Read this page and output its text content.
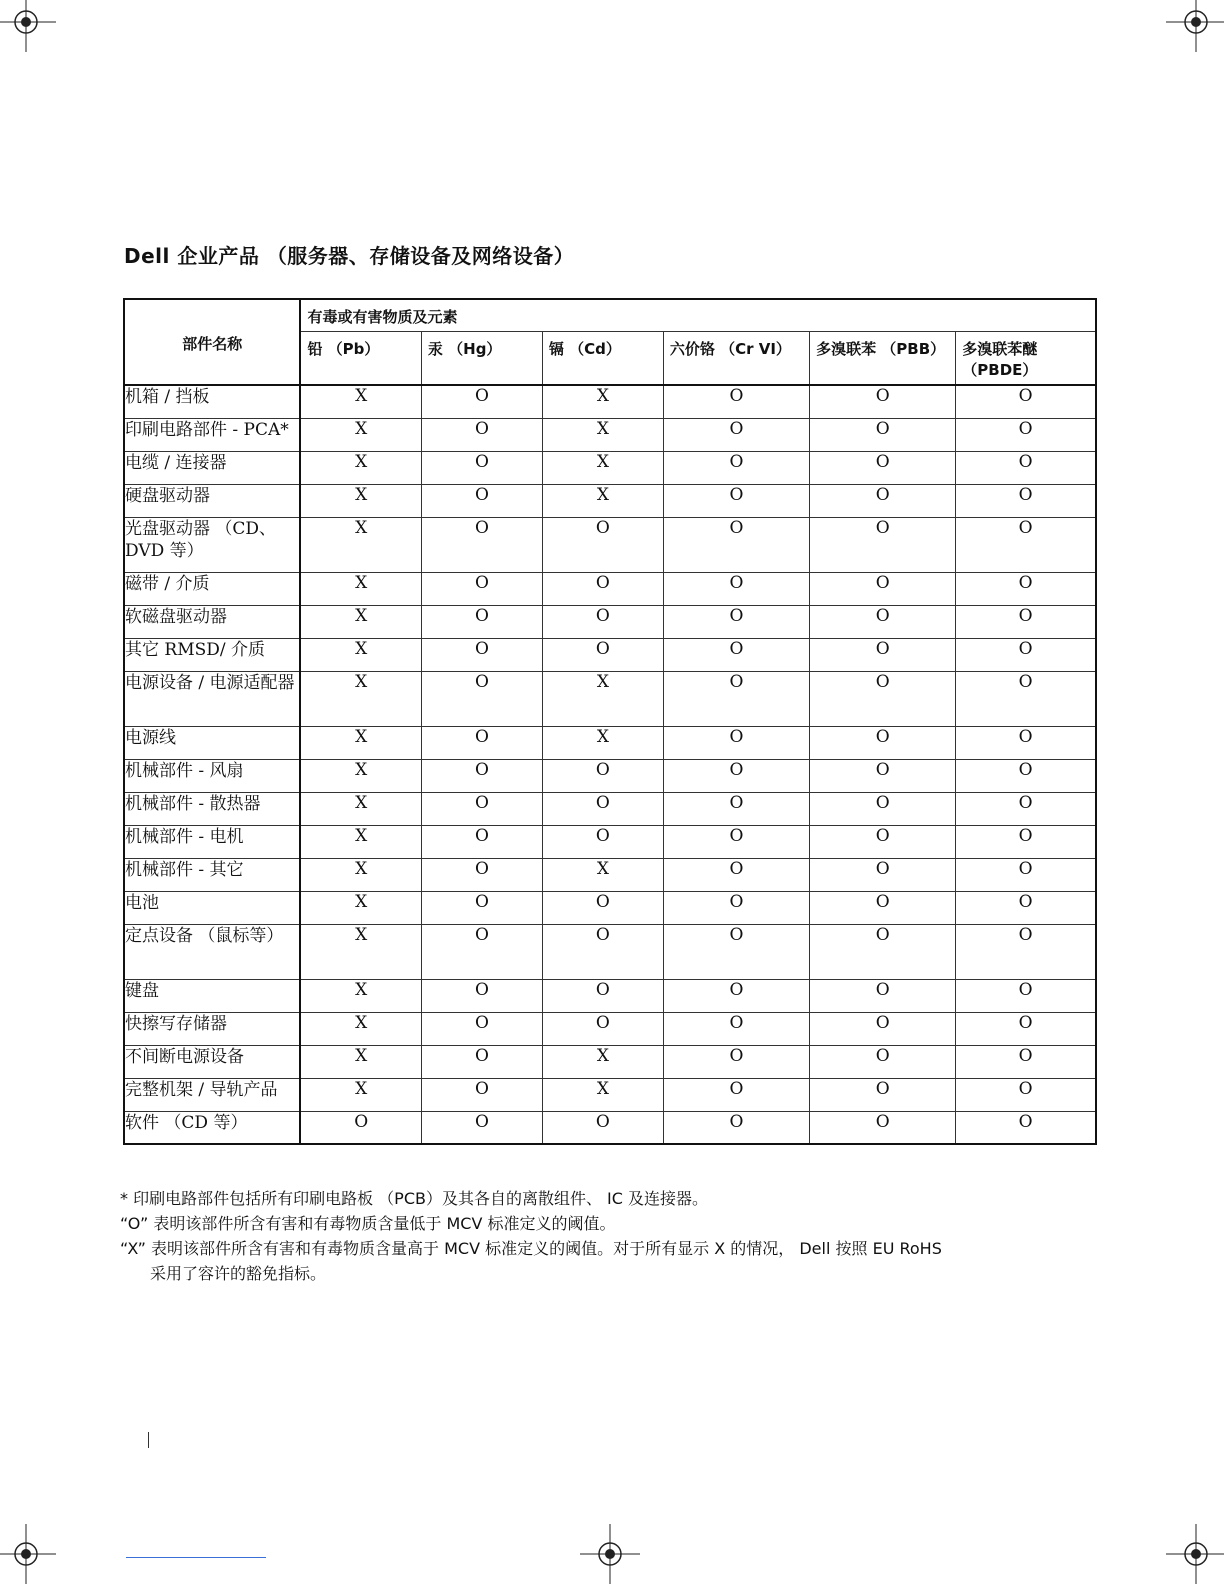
Dell 企业产品 （服务器、存储设备及网络设备）
部件名称	有毒或有害物质及元素					
	铅 （Pb）	汞 （Hg）	镉 （Cd）	六价铬 （Cr VI）	多溴联苯 （PBB）	多溴联苯醚 （PBDE）
机箱 / 挡板	X	O	X	O	O	O
印刷电路部件 - PCA*	X	O	X	O	O	O
电缆 / 连接器	X	O	X	O	O	O
硬盘驱动器	X	O	X	O	O	O
光盘驱动器 （CD、 DVD 等）	X	O	O	O	O	O
磁带 / 介质	X	O	O	O	O	O
软磁盘驱动器	X	O	O	O	O	O
其它 RMSD/ 介质	X	O	O	O	O	O
电源设备 / 电源适配器	X	O	X	O	O	O
电源线	X	O	X	O	O	O
机械部件 - 风扇	X	O	O	O	O	O
机械部件 - 散热器	X	O	O	O	O	O
机械部件 - 电机	X	O	O	O	O	O
机械部件 - 其它	X	O	X	O	O	O
电池	X	O	O	O	O	O
定点设备 （鼠标等）	X	O	O	O	O	O
键盘	X	O	O	O	O	O
快擦写存储器	X	O	O	O	O	O
不间断电源设备	X	O	X	O	O	O
完整机架 / 导轨产品	X	O	X	O	O	O
软件 （CD 等）	O	O	O	O	O	O

* 印刷电路部件包括所有印刷电路板 （PCB）及其各自的离散组件、 IC 及连接器。

“O” 表明该部件所含有害和有毒物质含量低于 MCV 标准定义的阈值。

“X” 表明该部件所含有害和有毒物质含量高于 MCV 标准定义的阈值。对于所有显示 X 的情况， Dell 按照 EU RoHS

采用了容许的豁免指标。
